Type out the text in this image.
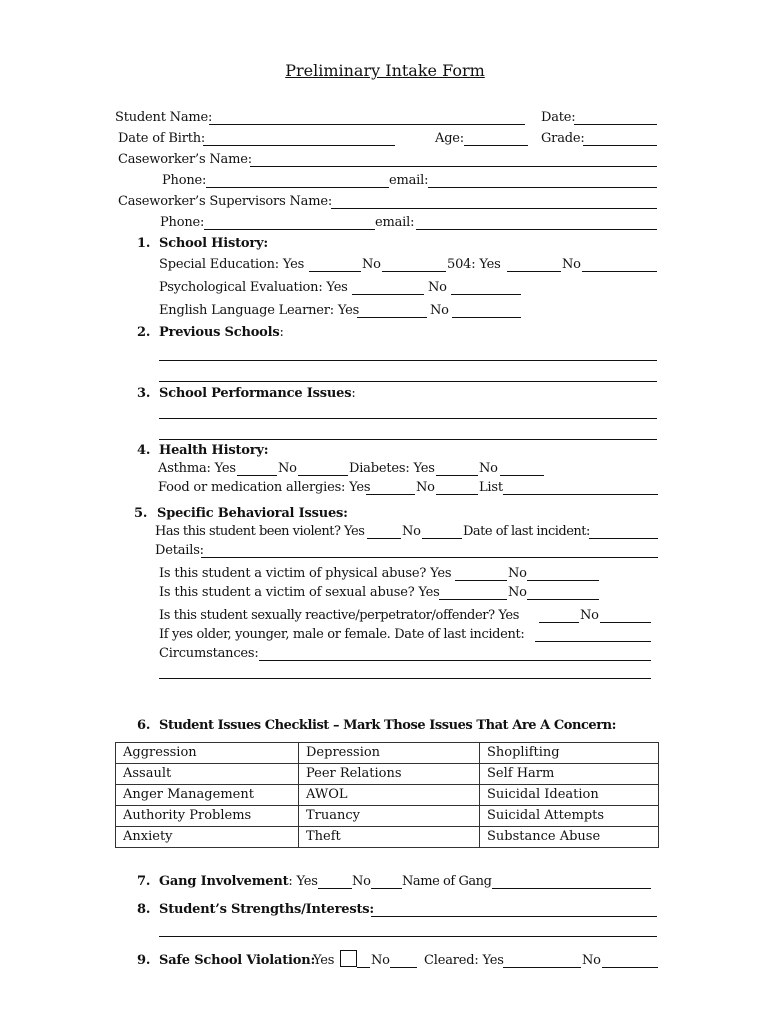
Preliminary Intake Form
Student Name:	Date:
Date of Birth:	Age:	Grade:
Caseworker’s Name:
Phone:	email:
Caseworker’s Supervisors Name:
Phone:	email:
1. School History:
Special Education: Yes	No	504: Yes	No
Psychological Evaluation: Yes	No
English Language Learner: Yes	No
2. Previous Schools:
3. School Performance Issues:
4. Health History:
Asthma: Yes	No	Diabetes: Yes	No
Food or medication allergies: Yes	No	List
5. Specific Behavioral Issues:
Has this student been violent? Yes	No	Date of last incident:
Details:
Is this student a victim of physical abuse? Yes	No
Is this student a victim of sexual abuse? Yes	No
Is this student sexually reactive/perpetrator/offender? Yes	No
If yes older, younger, male or female. Date of last incident:
Circumstances:
6. Student Issues Checklist – Mark Those Issues That Are A Concern:
Aggression	Depression	Shoplifting
Assault	Peer Relations	Self Harm
Anger Management	AWOL	Suicidal Ideation
Authority Problems	Truancy	Suicidal Attempts
Anxiety	Theft	Substance Abuse
7. Gang Involvement: Yes	No Name of Gang
8. Student’s Strengths/Interests:
9. Safe School Violation:
Yes	No	Cleared: Yes	No
